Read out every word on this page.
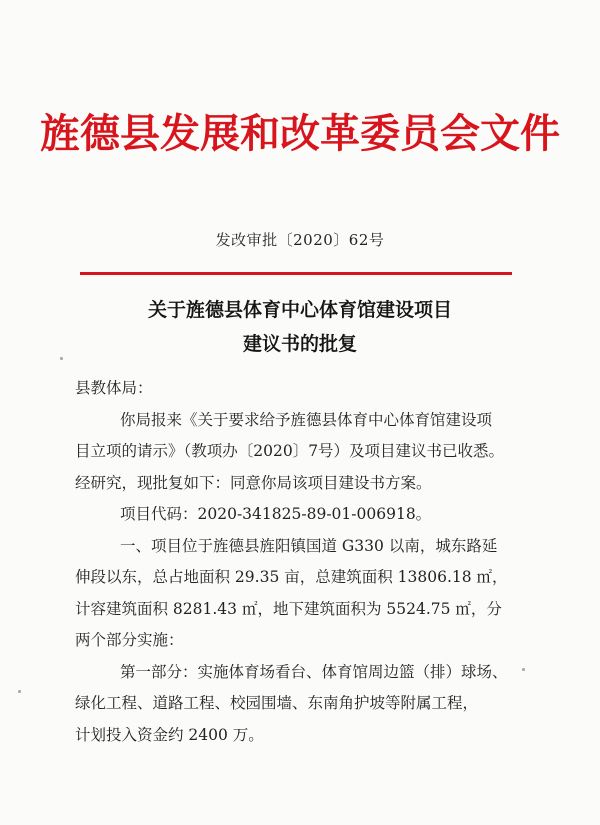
旌德县发展和改革委员会文件
发改审批〔2020〕62号
关于旌德县体育中心体育馆建设项目
建议书的批复
县教体局：
你局报来《关于要求给予旌德县体育中心体育馆建设项
目立项的请示》（教项办〔2020〕7号）及项目建议书已收悉。
经研究，现批复如下：同意你局该项目建设书方案。
项目代码：2020-341825-89-01-006918。
一、项目位于旌德县旌阳镇国道 G330 以南，城东路延
伸段以东，总占地面积 29.35 亩，总建筑面积 13806.18 ㎡，
计容建筑面积 8281.43 ㎡，地下建筑面积为 5524.75 ㎡，分
两个部分实施：
第一部分：实施体育场看台、体育馆周边篮（排）球场、
绿化工程、道路工程、校园围墙、东南角护坡等附属工程，
计划投入资金约 2400 万。
